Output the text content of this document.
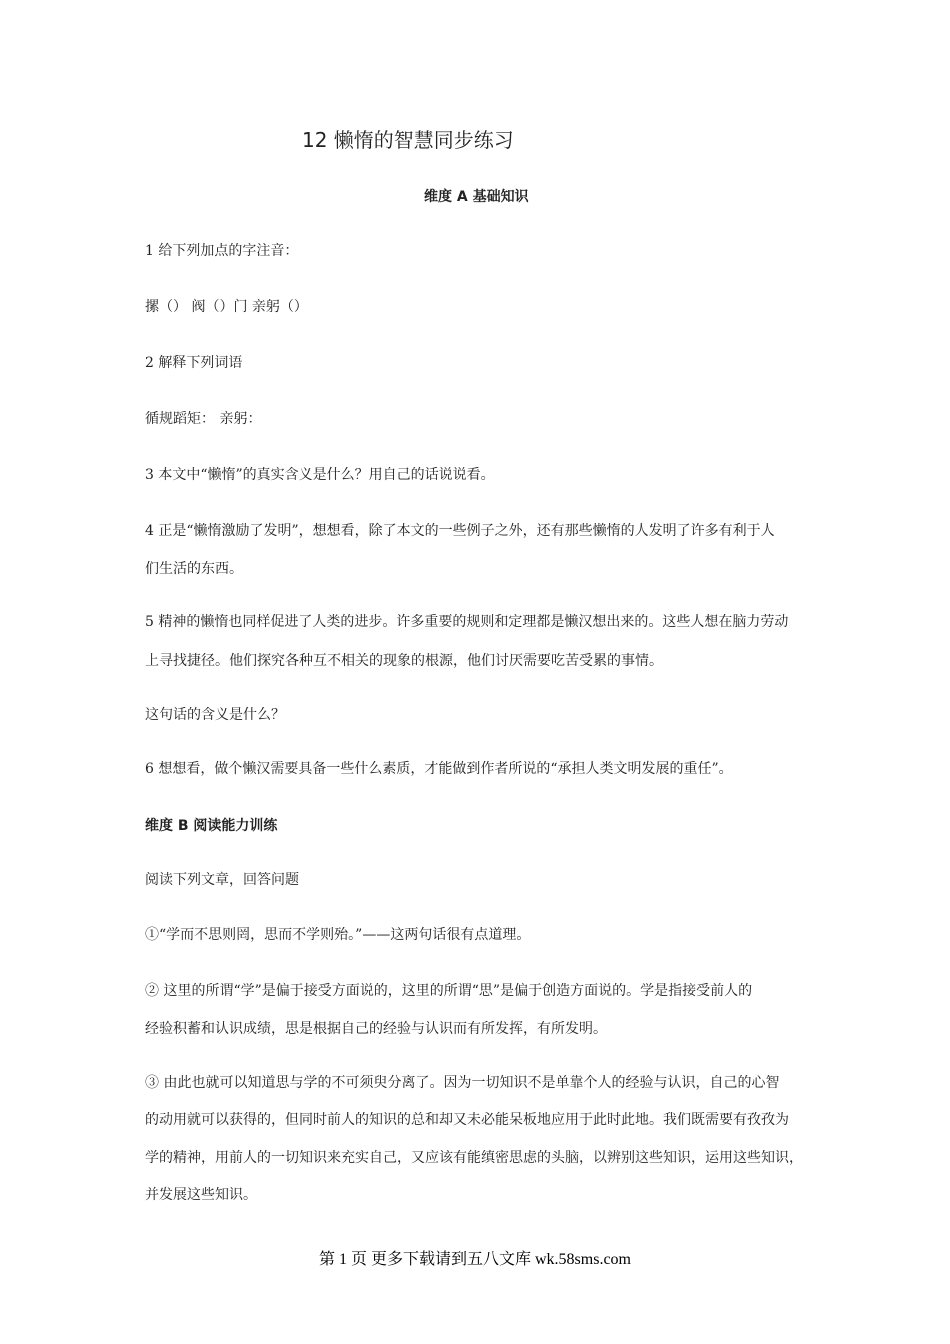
12 懒惰的智慧同步练习
维度 A 基础知识
1 给下列加点的字注音：
摞（） 阀（）门 亲躬（）
2 解释下列词语
循规蹈矩： 亲躬：
3 本文中“懒惰”的真实含义是什么？用自己的话说说看。
4 正是“懒惰激励了发明”，想想看，除了本文的一些例子之外，还有那些懒惰的人发明了许多有利于人
们生活的东西。
5 精神的懒惰也同样促进了人类的进步。许多重要的规则和定理都是懒汉想出来的。这些人想在脑力劳动
上寻找捷径。他们探究各种互不相关的现象的根源，他们讨厌需要吃苦受累的事情。
这句话的含义是什么？
6 想想看，做个懒汉需要具备一些什么素质，才能做到作者所说的“承担人类文明发展的重任”。
维度 B 阅读能力训练
阅读下列文章，回答问题
①“学而不思则罔，思而不学则殆。”——这两句话很有点道理。
② 这里的所谓“学”是偏于接受方面说的，这里的所谓“思”是偏于创造方面说的。学是指接受前人的
经验积蓄和认识成绩，思是根据自己的经验与认识而有所发挥，有所发明。
③ 由此也就可以知道思与学的不可须臾分离了。因为一切知识不是单靠个人的经验与认识，自己的心智
的动用就可以获得的，但同时前人的知识的总和却又未必能呆板地应用于此时此地。我们既需要有孜孜为
学的精神，用前人的一切知识来充实自己，又应该有能缜密思虑的头脑，以辨别这些知识，运用这些知识，
并发展这些知识。
第 1 页 更多下载请到五八文库 wk.58sms.com
